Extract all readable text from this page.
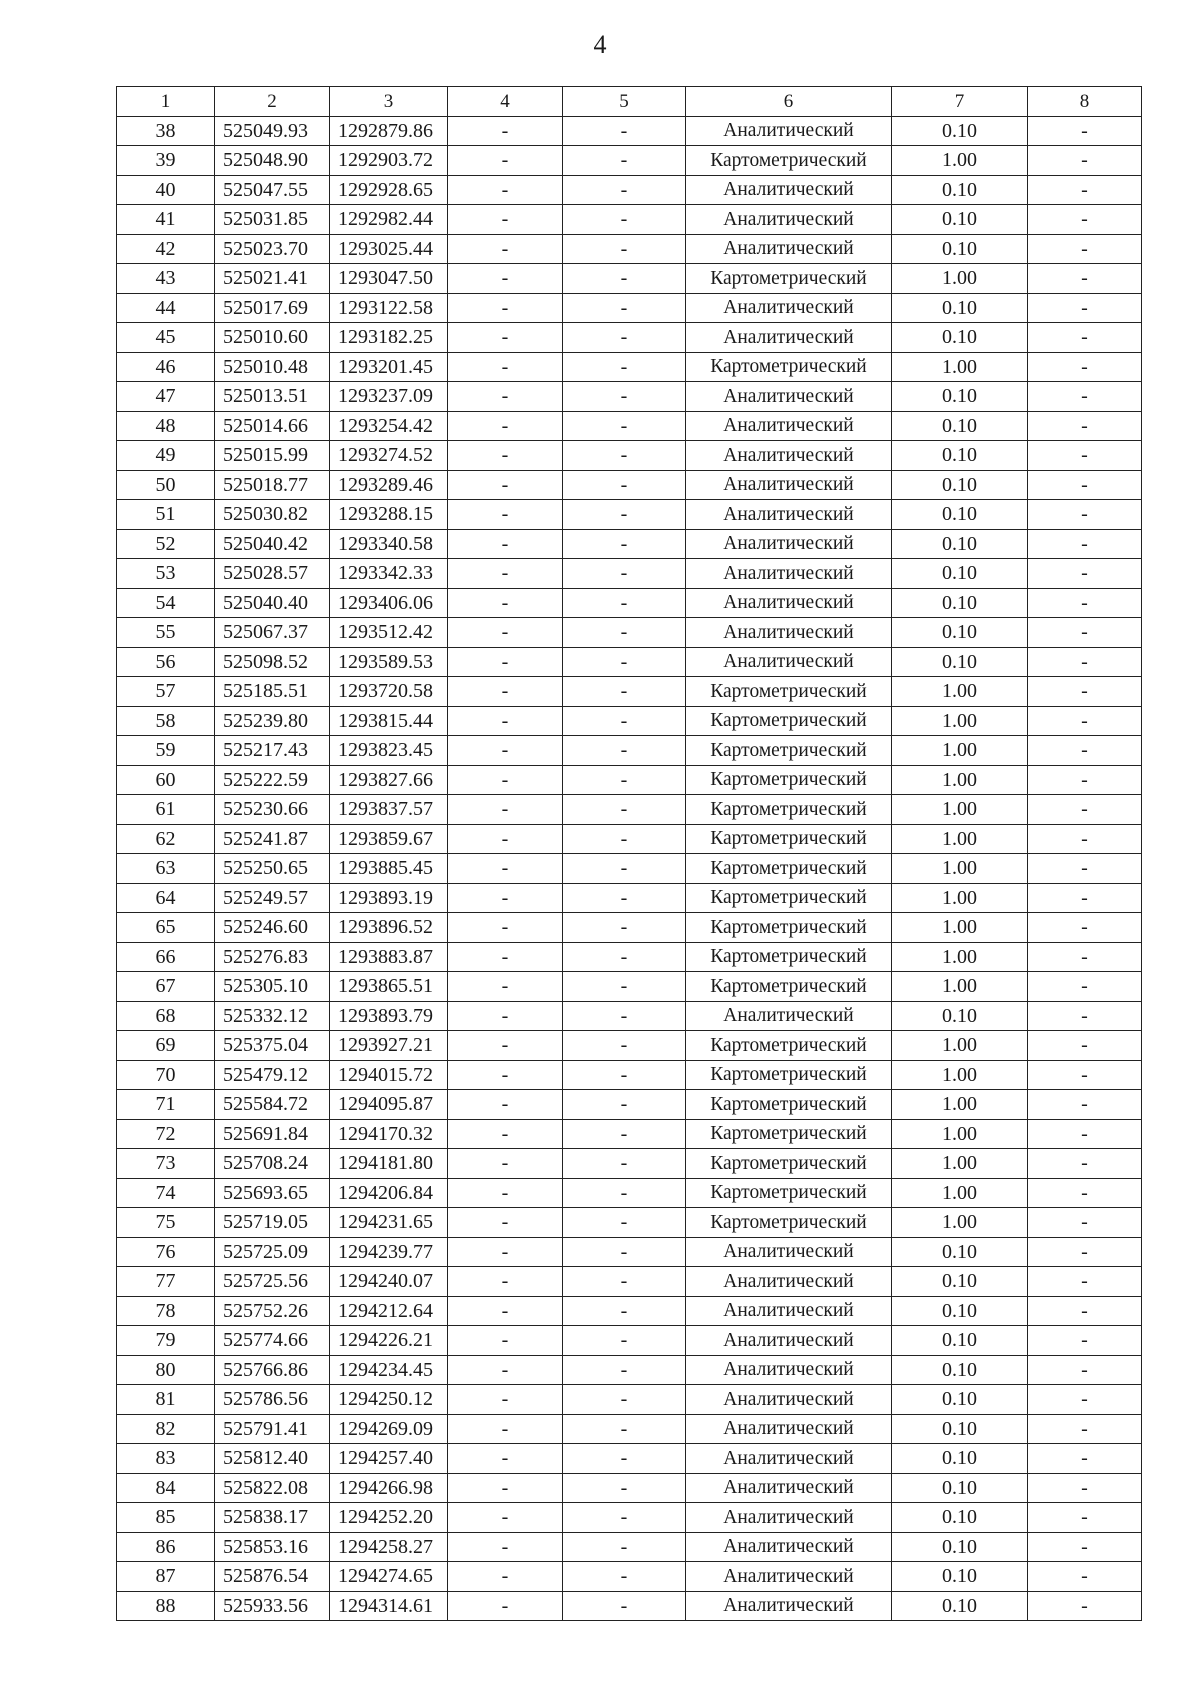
4
1	2	3	4	5	6	7	8
38	525049.93	1292879.86	-	-	Аналитический	0.10	-
39	525048.90	1292903.72	-	-	Картометрический	1.00	-
40	525047.55	1292928.65	-	-	Аналитический	0.10	-
41	525031.85	1292982.44	-	-	Аналитический	0.10	-
42	525023.70	1293025.44	-	-	Аналитический	0.10	-
43	525021.41	1293047.50	-	-	Картометрический	1.00	-
44	525017.69	1293122.58	-	-	Аналитический	0.10	-
45	525010.60	1293182.25	-	-	Аналитический	0.10	-
46	525010.48	1293201.45	-	-	Картометрический	1.00	-
47	525013.51	1293237.09	-	-	Аналитический	0.10	-
48	525014.66	1293254.42	-	-	Аналитический	0.10	-
49	525015.99	1293274.52	-	-	Аналитический	0.10	-
50	525018.77	1293289.46	-	-	Аналитический	0.10	-
51	525030.82	1293288.15	-	-	Аналитический	0.10	-
52	525040.42	1293340.58	-	-	Аналитический	0.10	-
53	525028.57	1293342.33	-	-	Аналитический	0.10	-
54	525040.40	1293406.06	-	-	Аналитический	0.10	-
55	525067.37	1293512.42	-	-	Аналитический	0.10	-
56	525098.52	1293589.53	-	-	Аналитический	0.10	-
57	525185.51	1293720.58	-	-	Картометрический	1.00	-
58	525239.80	1293815.44	-	-	Картометрический	1.00	-
59	525217.43	1293823.45	-	-	Картометрический	1.00	-
60	525222.59	1293827.66	-	-	Картометрический	1.00	-
61	525230.66	1293837.57	-	-	Картометрический	1.00	-
62	525241.87	1293859.67	-	-	Картометрический	1.00	-
63	525250.65	1293885.45	-	-	Картометрический	1.00	-
64	525249.57	1293893.19	-	-	Картометрический	1.00	-
65	525246.60	1293896.52	-	-	Картометрический	1.00	-
66	525276.83	1293883.87	-	-	Картометрический	1.00	-
67	525305.10	1293865.51	-	-	Картометрический	1.00	-
68	525332.12	1293893.79	-	-	Аналитический	0.10	-
69	525375.04	1293927.21	-	-	Картометрический	1.00	-
70	525479.12	1294015.72	-	-	Картометрический	1.00	-
71	525584.72	1294095.87	-	-	Картометрический	1.00	-
72	525691.84	1294170.32	-	-	Картометрический	1.00	-
73	525708.24	1294181.80	-	-	Картометрический	1.00	-
74	525693.65	1294206.84	-	-	Картометрический	1.00	-
75	525719.05	1294231.65	-	-	Картометрический	1.00	-
76	525725.09	1294239.77	-	-	Аналитический	0.10	-
77	525725.56	1294240.07	-	-	Аналитический	0.10	-
78	525752.26	1294212.64	-	-	Аналитический	0.10	-
79	525774.66	1294226.21	-	-	Аналитический	0.10	-
80	525766.86	1294234.45	-	-	Аналитический	0.10	-
81	525786.56	1294250.12	-	-	Аналитический	0.10	-
82	525791.41	1294269.09	-	-	Аналитический	0.10	-
83	525812.40	1294257.40	-	-	Аналитический	0.10	-
84	525822.08	1294266.98	-	-	Аналитический	0.10	-
85	525838.17	1294252.20	-	-	Аналитический	0.10	-
86	525853.16	1294258.27	-	-	Аналитический	0.10	-
87	525876.54	1294274.65	-	-	Аналитический	0.10	-
88	525933.56	1294314.61	-	-	Аналитический	0.10	-
